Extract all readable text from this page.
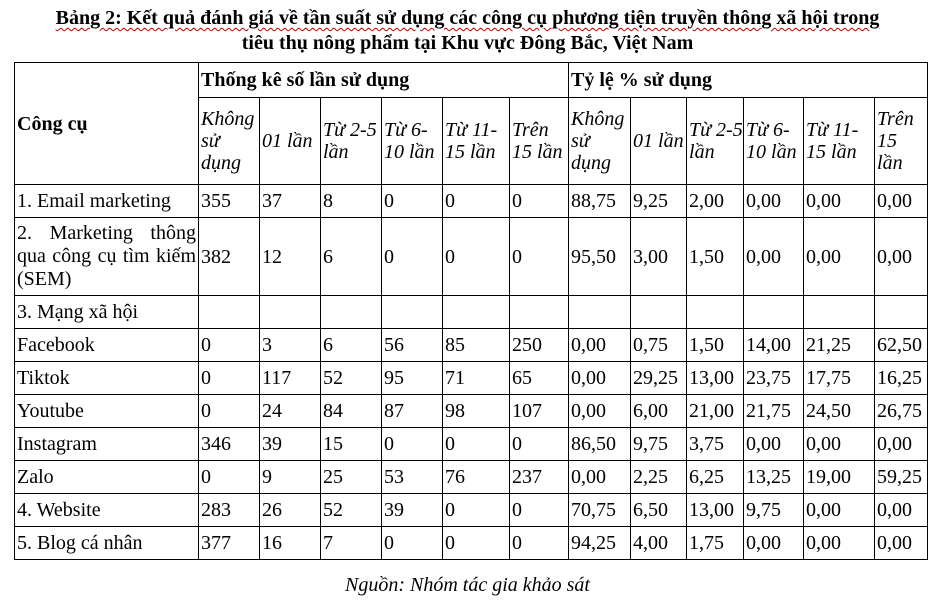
Bảng 2: Kết quả đánh giá về tần suất sử dụng các công cụ phương tiện truyền thông xã hội trong
tiêu thụ nông phẩm tại Khu vực Đông Bắc, Việt Nam
Công cụ	Thống kê số lần sử dụng						Tỷ lệ % sử dụng					
	Không sử dụng	01 lần	Từ 2-5 lần	Từ 6-10 lần	Từ 11-15 lần	Trên 15 lần	Không sử dụng	01 lần	Từ 2-5 lần	Từ 6-10 lần	Từ 11-15 lần	Trên 15 lần
1. Email marketing	355	37	8	0	0	0	88,75	9,25	2,00	0,00	0,00	0,00
2. Marketing thông qua công cụ tìm kiếm (SEM)	382	12	6	0	0	0	95,50	3,00	1,50	0,00	0,00	0,00
3. Mạng xã hội												
Facebook	0	3	6	56	85	250	0,00	0,75	1,50	14,00	21,25	62,50
Tiktok	0	117	52	95	71	65	0,00	29,25	13,00	23,75	17,75	16,25
Youtube	0	24	84	87	98	107	0,00	6,00	21,00	21,75	24,50	26,75
Instagram	346	39	15	0	0	0	86,50	9,75	3,75	0,00	0,00	0,00
Zalo	0	9	25	53	76	237	0,00	2,25	6,25	13,25	19,00	59,25
4. Website	283	26	52	39	0	0	70,75	6,50	13,00	9,75	0,00	0,00
5. Blog cá nhân	377	16	7	0	0	0	94,25	4,00	1,75	0,00	0,00	0,00
Nguồn: Nhóm tác gia khảo sát
